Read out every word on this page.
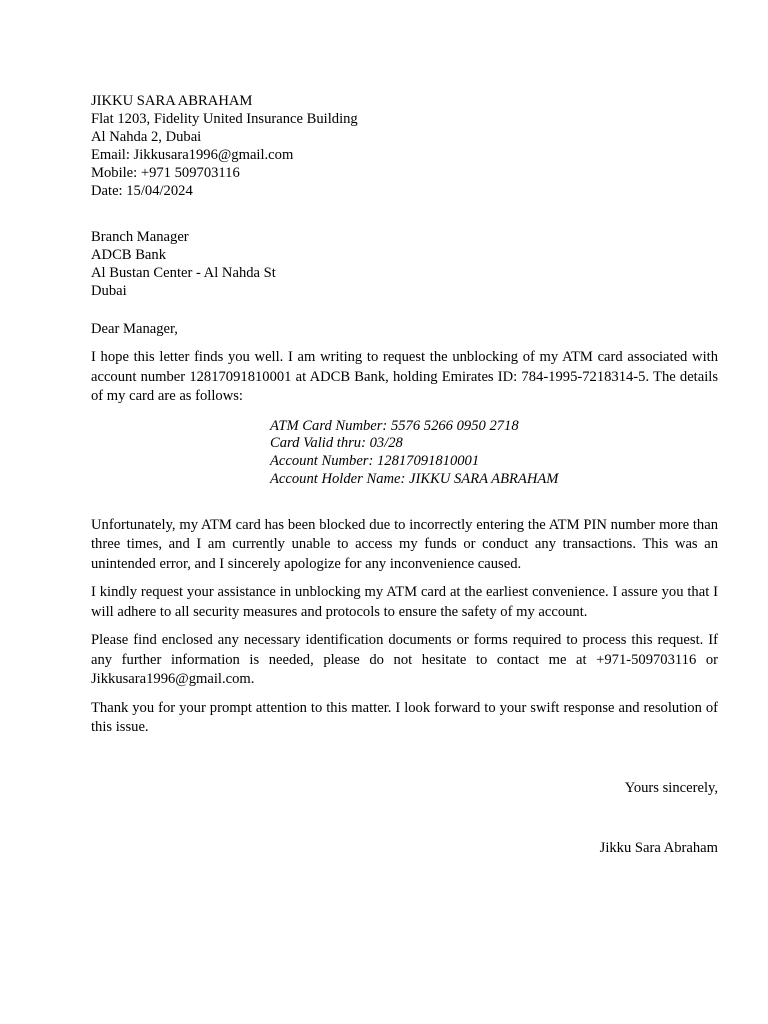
JIKKU SARA ABRAHAM
Flat 1203, Fidelity United Insurance Building
Al Nahda 2, Dubai
Email: Jikkusara1996@gmail.com
Mobile: +971 509703116
Date: 15/04/2024
Branch Manager
ADCB Bank
Al Bustan Center - Al Nahda St
Dubai
Dear Manager,

I hope this letter finds you well. I am writing to request the unblocking of my ATM card associated with account number 12817091810001 at ADCB Bank, holding Emirates ID: 784-1995-7218314-5. The details of my card are as follows:

ATM Card Number: 5576 5266 0950 2718
Card Valid thru: 03/28
Account Number: 12817091810001
Account Holder Name: JIKKU SARA ABRAHAM

Unfortunately, my ATM card has been blocked due to incorrectly entering the ATM PIN number more than three times, and I am currently unable to access my funds or conduct any transactions. This was an unintended error, and I sincerely apologize for any inconvenience caused.

I kindly request your assistance in unblocking my ATM card at the earliest convenience. I assure you that I will adhere to all security measures and protocols to ensure the safety of my account.

Please find enclosed any necessary identification documents or forms required to process this request. If any further information is needed, please do not hesitate to contact me at +971-509703116 or Jikkusara1996@gmail.com.

Thank you for your prompt attention to this matter. I look forward to your swift response and resolution of this issue.

Yours sincerely,
Jikku Sara Abraham
